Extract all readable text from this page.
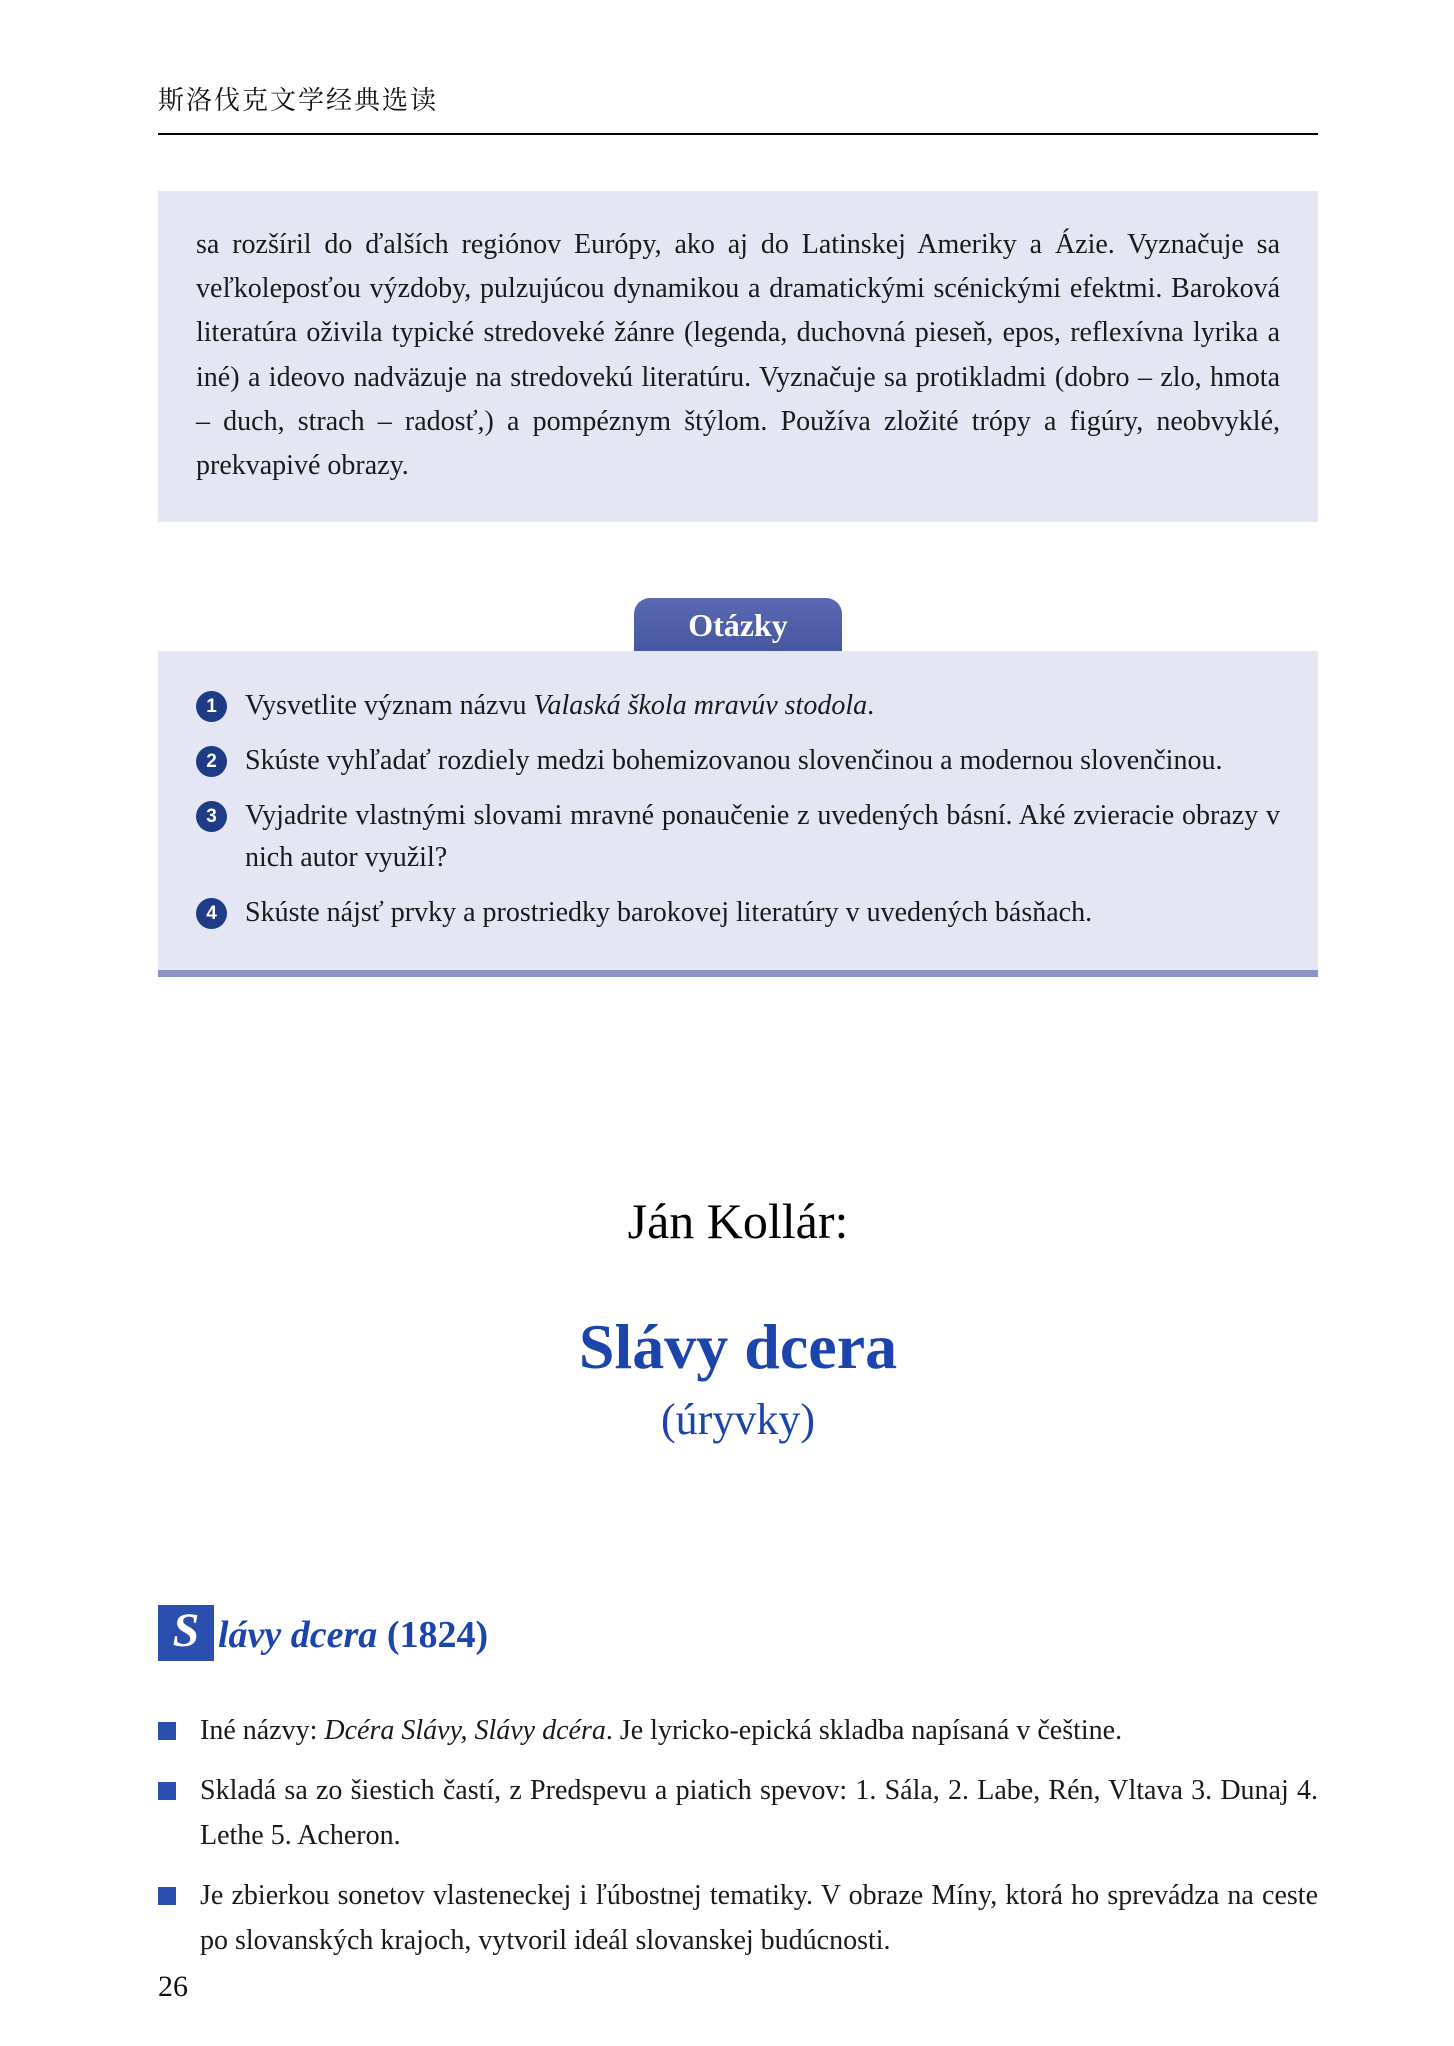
斯洛伐克文学经典选读
sa rozšíril do ďalších regiónov Európy, ako aj do Latinskej Ameriky a Ázie. Vyznačuje sa veľkoleposťou výzdoby, pulzujúcou dynamikou a dramatickými scénickými efektmi. Baroková literatúra oživila typické stredoveké žánre (legenda, duchovná pieseň, epos, reflexívna lyrika a iné) a ideovo nadväzuje na stredovekú literatúru. Vyznačuje sa protikladmi (dobro – zlo, hmota – duch, strach – radosť,) a pompéznym štýlom. Používa zložité trópy a figúry, neobvyklé, prekvapivé obrazy.
Otázky
1	Vysvetlite význam názvu Valaská škola mravúv stodola.
2	Skúste vyhľadať rozdiely medzi bohemizovanou slovenčinou a modernou slovenčinou.
3	Vyjadrite vlastnými slovami mravné ponaučenie z uvedených básní. Aké zvieracie obrazy v nich autor využil?
4	Skúste nájsť prvky a prostriedky barokovej literatúry v uvedených básňach.
Ján Kollár:
Slávy dcera
(úryvky)
S lávy dcera (1824)
Iné názvy: Dcéra Slávy, Slávy dcéra. Je lyricko-epická skladba napísaná v češtine.
Skladá sa zo šiestich častí, z Predspevu a piatich spevov: 1. Sála, 2. Labe, Rén, Vltava 3. Dunaj 4. Lethe 5. Acheron.
Je zbierkou sonetov vlasteneckej i ľúbostnej tematiky. V obraze Míny, ktorá ho sprevádza na ceste po slovanských krajoch, vytvoril ideál slovanskej budúcnosti.
26
